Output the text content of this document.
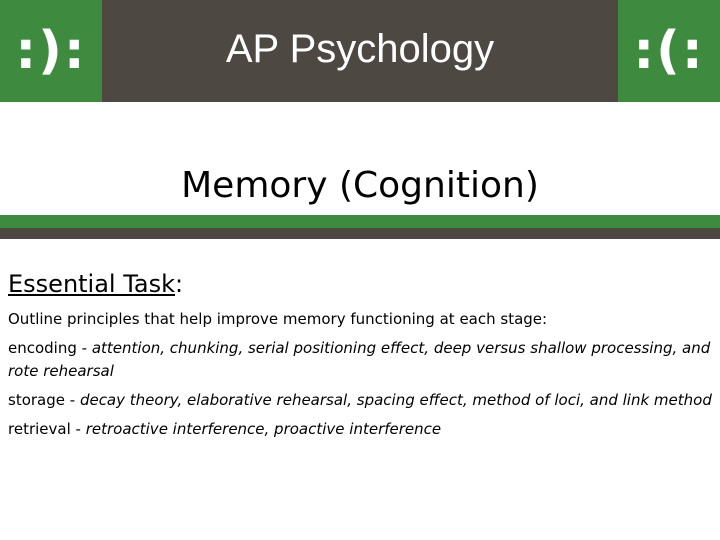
:):	AP Psychology	:(:
Memory (Cognition)
Essential Task:
Outline principles that help improve memory functioning at each stage:
encoding - attention, chunking, serial positioning effect, deep versus shallow processing, and rote rehearsal
storage - decay theory, elaborative rehearsal, spacing effect, method of loci, and link method
retrieval - retroactive interference, proactive interference
